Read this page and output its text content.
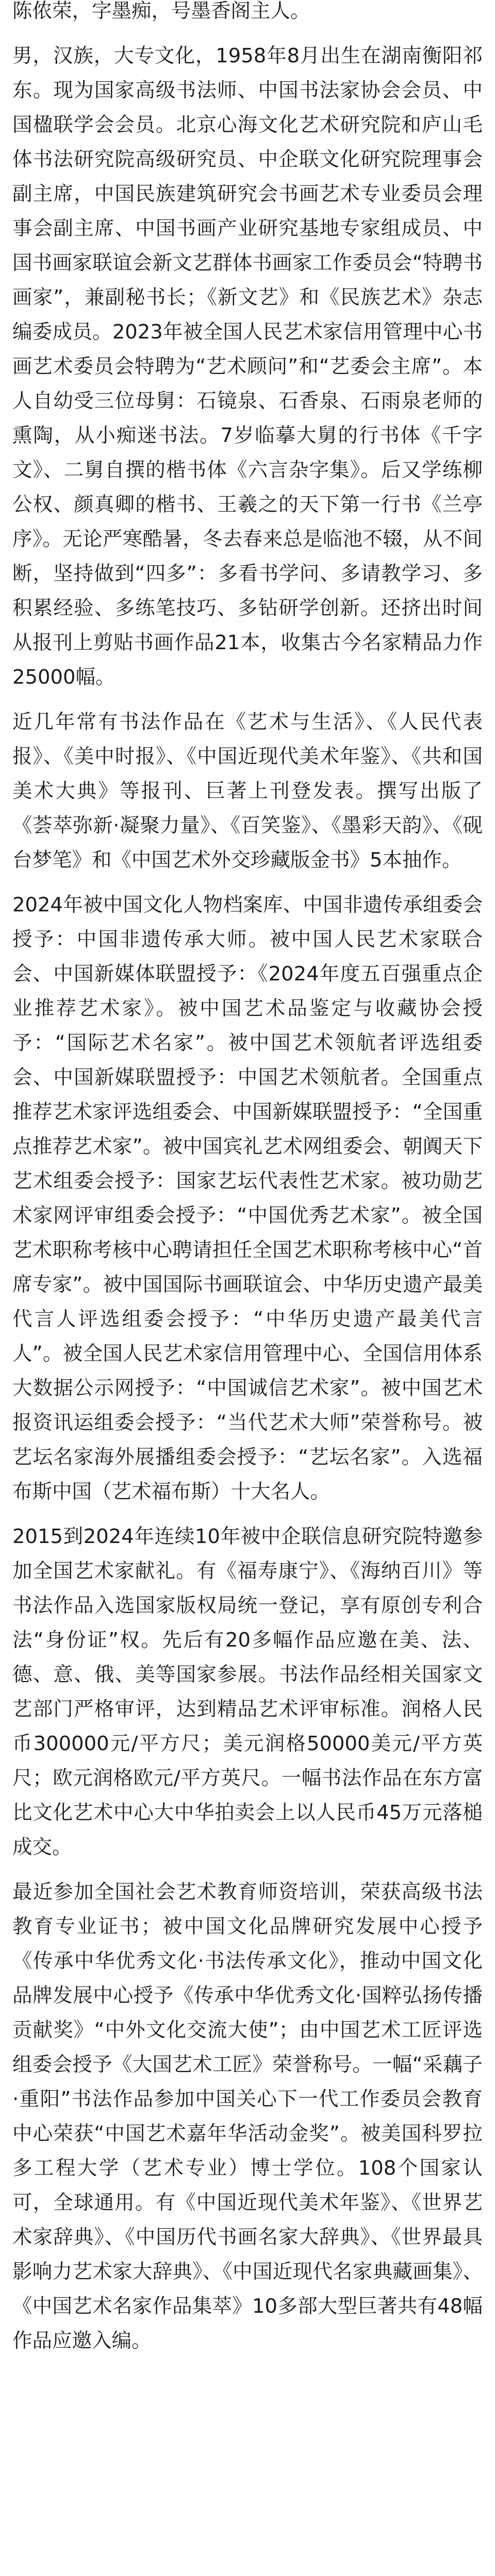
陈侬荣，字墨痴，号墨香阁主人。

男，汉族，大专文化，1958年8月出生在湖南衡阳祁东。现为国家高级书法师、中国书法家协会会员、中国楹联学会会员。北京心海文化艺术研究院和庐山毛体书法研究院高级研究员、中企联文化研究院理事会副主席，中国民族建筑研究会书画艺术专业委员会理事会副主席、中国书画产业研究基地专家组成员、中国书画家联谊会新文艺群体书画家工作委员会“特聘书画家”，兼副秘书长；《新文艺》和《民族艺术》杂志编委成员。2023年被全国人民艺术家信用管理中心书画艺术委员会特聘为“艺术顾问”和“艺委会主席”。本人自幼受三位母舅：石镜泉、石香泉、石雨泉老师的熏陶，从小痴迷书法。7岁临摹大舅的行书体《千字文》、二舅自撰的楷书体《六言杂字集》。后又学练柳公权、颜真卿的楷书、王羲之的天下第一行书《兰亭序》。无论严寒酷暑，冬去春来总是临池不辍，从不间断，坚持做到“四多”：多看书学问、多请教学习、多积累经验、多练笔技巧、多钻研学创新。还挤出时间从报刊上剪贴书画作品21本，收集古今名家精品力作25000幅。

近几年常有书法作品在《艺术与生活》、《人民代表报》、《美中时报》、《中国近现代美术年鉴》、《共和国美术大典》等报刊、巨著上刊登发表。撰写出版了《荟萃弥新·凝聚力量》、《百笑鉴》、《墨彩天韵》、《砚台梦笔》和《中国艺术外交珍藏版金书》5本抽作。

2024年被中国文化人物档案库、中国非遗传承组委会授予：中国非遗传承大师。被中国人民艺术家联合会、中国新媒体联盟授予：《2024年度五百强重点企业推荐艺术家》。被中国艺术品鉴定与收藏协会授予：“国际艺术名家”。被中国艺术领航者评选组委会、中国新媒联盟授予：中国艺术领航者。全国重点推荐艺术家评选组委会、中国新媒联盟授予：“全国重点推荐艺术家”。被中国宾礼艺术网组委会、朝阗天下艺术组委会授予：国家艺坛代表性艺术家。被功勋艺术家网评审组委会授予：“中国优秀艺术家”。被全国艺术职称考核中心聘请担任全国艺术职称考核中心“首席专家”。被中国国际书画联谊会、中华历史遗产最美代言人评选组委会授予：“中华历史遗产最美代言人”。被全国人民艺术家信用管理中心、全国信用体系大数据公示网授予：“中国诚信艺术家”。被中国艺术报资讯运组委会授予：“当代艺术大师”荣誉称号。被艺坛名家海外展播组委会授予：“艺坛名家”。入选福布斯中国（艺术福布斯）十大名人。

2015到2024年连续10年被中企联信息研究院特邀参加全国艺术家献礼。有《福寿康宁》、《海纳百川》等书法作品入选国家版权局统一登记，享有原创专利合法“身份证”权。先后有20多幅作品应邀在美、法、德、意、俄、美等国家参展。书法作品经相关国家文艺部门严格审评，达到精品艺术评审标准。润格人民币300000元/平方尺；美元润格50000美元/平方英尺；欧元润格欧元/平方英尺。一幅书法作品在东方富比文化艺术中心大中华拍卖会上以人民币45万元落槌成交。

最近参加全国社会艺术教育师资培训，荣获高级书法教育专业证书；被中国文化品牌研究发展中心授予《传承中华优秀文化·书法传承文化》，推动中国文化品牌发展中心授予《传承中华优秀文化·国粹弘扬传播贡献奖》“中外文化交流大使”；由中国艺术工匠评选组委会授予《大国艺术工匠》荣誉称号。一幅“采藕子·重阳”书法作品参加中国关心下一代工作委员会教育中心荣获“中国艺术嘉年华活动金奖”。被美国科罗拉多工程大学（艺术专业）博士学位。108个国家认可，全球通用。有《中国近现代美术年鉴》、《世界艺术家辞典》、《中国历代书画名家大辞典》、《世界最具影响力艺术家大辞典》、《中国近现代名家典藏画集》、《中国艺术名家作品集萃》10多部大型巨著共有48幅作品应邀入编。
